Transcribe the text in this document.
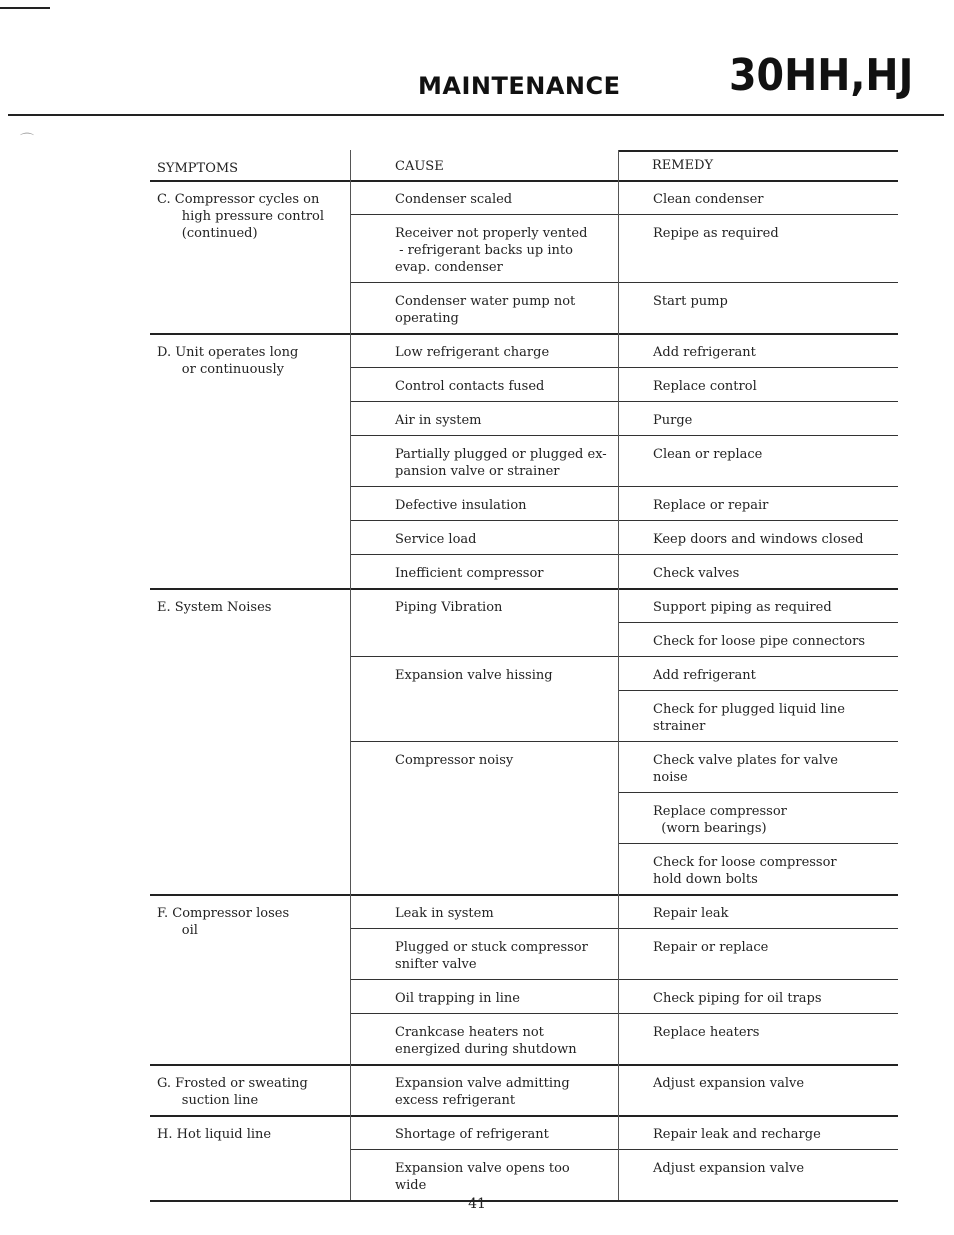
MAINTENANCE 30HH,HJ
⌒
SYMPTOMS	CAUSE	REMEDY
Clean condenser
Condenser scaled
Repipe as required
Receiver not properly vented
- refrigerant backs up into
evap. condenser
Start pump
Condenser water pump not
operating
C. Compressor cycles on
high pressure control
(continued)
Add refrigerant
Low refrigerant charge
Replace control
Control contacts fused
Purge
Air in system
Clean or replace
Partially plugged or plugged ex-
pansion valve or strainer
Replace or repair
Defective insulation
Keep doors and windows closed
Service load
Check valves
Inefficient compressor
D. Unit operates long
or continuously
Support piping as required
Check for loose pipe connectors
Piping Vibration
Add refrigerant
Check for plugged liquid line
strainer
Expansion valve hissing
Check valve plates for valve
noise
Replace compressor
(worn bearings)
Check for loose compressor
hold down bolts
Compressor noisy
E. System Noises
Repair leak
Leak in system
Repair or replace
Plugged or stuck compressor
snifter valve
Check piping for oil traps
Oil trapping in line
Replace heaters
Crankcase heaters not
energized during shutdown
F. Compressor loses
oil
Adjust expansion valve
Expansion valve admitting
excess refrigerant
G. Frosted or sweating
suction line
Repair leak and recharge
Shortage of refrigerant
Adjust expansion valve
Expansion valve opens too
wide
H. Hot liquid line
41
